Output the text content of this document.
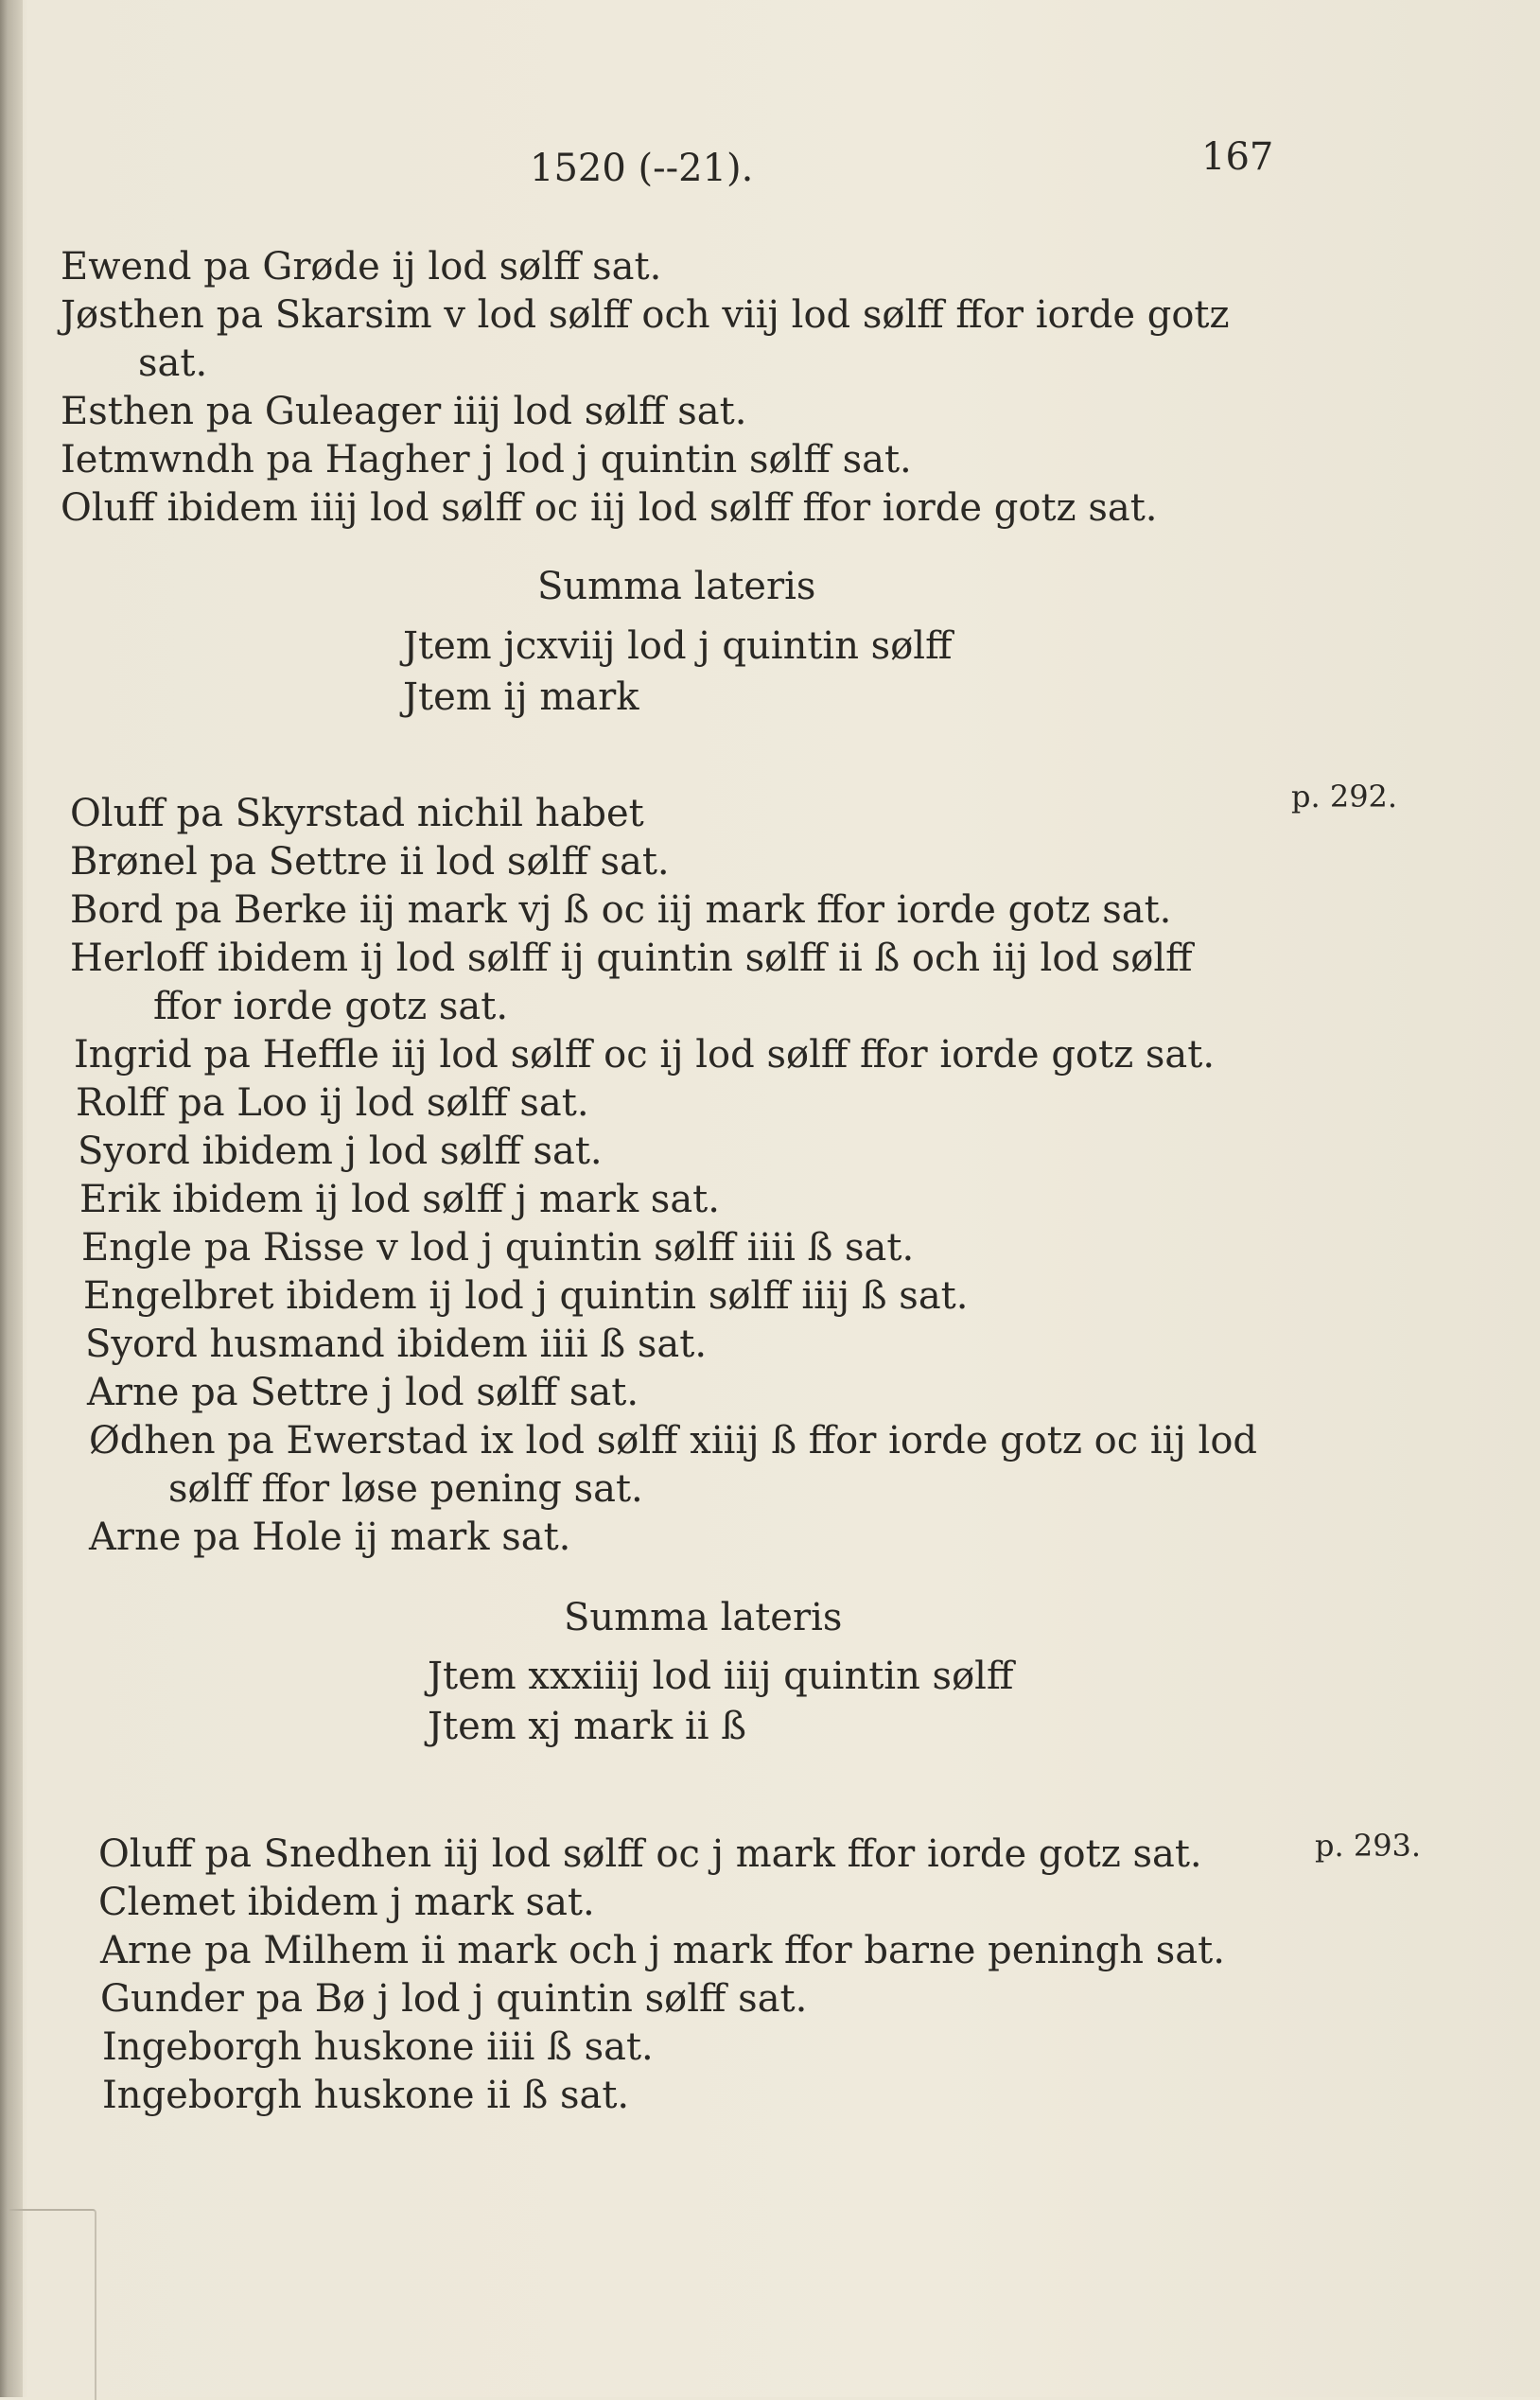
1520 (--21).	167
Ewend pa Grøde ij lod sølff sat.
Jøsthen pa Skarsim v lod sølff och viij lod sølff ffor iorde gotz
sat.
Esthen pa Guleager iiij lod sølff sat.
Ietmwndh pa Hagher j lod j quintin sølff sat.
Oluff ibidem iiij lod sølff oc iij lod sølff ffor iorde gotz sat.
Summa lateris
Jtem jcxviij lod j quintin sølff
Jtem ij mark
p. 292.
Oluff pa Skyrstad nichil habet
Brønel pa Settre ii lod sølff sat.
Bord pa Berke iij mark vj ß oc iij mark ffor iorde gotz sat.
Herloff ibidem ij lod sølff ij quintin sølff ii ß och iij lod sølff
ffor iorde gotz sat.
Ingrid pa Heffle iij lod sølff oc ij lod sølff ffor iorde gotz sat.
Rolff pa Loo ij lod sølff sat.
Syord ibidem j lod sølff sat.
Erik ibidem ij lod sølff j mark sat.
Engle pa Risse v lod j quintin sølff iiii ß sat.
Engelbret ibidem ij lod j quintin sølff iiij ß sat.
Syord husmand ibidem iiii ß sat.
Arne pa Settre j lod sølff sat.
Ødhen pa Ewerstad ix lod sølff xiiij ß ffor iorde gotz oc iij lod
sølff ffor løse pening sat.
Arne pa Hole ij mark sat.
Summa lateris
Jtem xxxiiij lod iiij quintin sølff
Jtem xj mark ii ß
p. 293.
Oluff pa Snedhen iij lod sølff oc j mark ffor iorde gotz sat.
Clemet ibidem j mark sat.
Arne pa Milhem ii mark och j mark ffor barne peningh sat.
Gunder pa Bø j lod j quintin sølff sat.
Ingeborgh huskone iiii ß sat.
Ingeborgh huskone ii ß sat.
